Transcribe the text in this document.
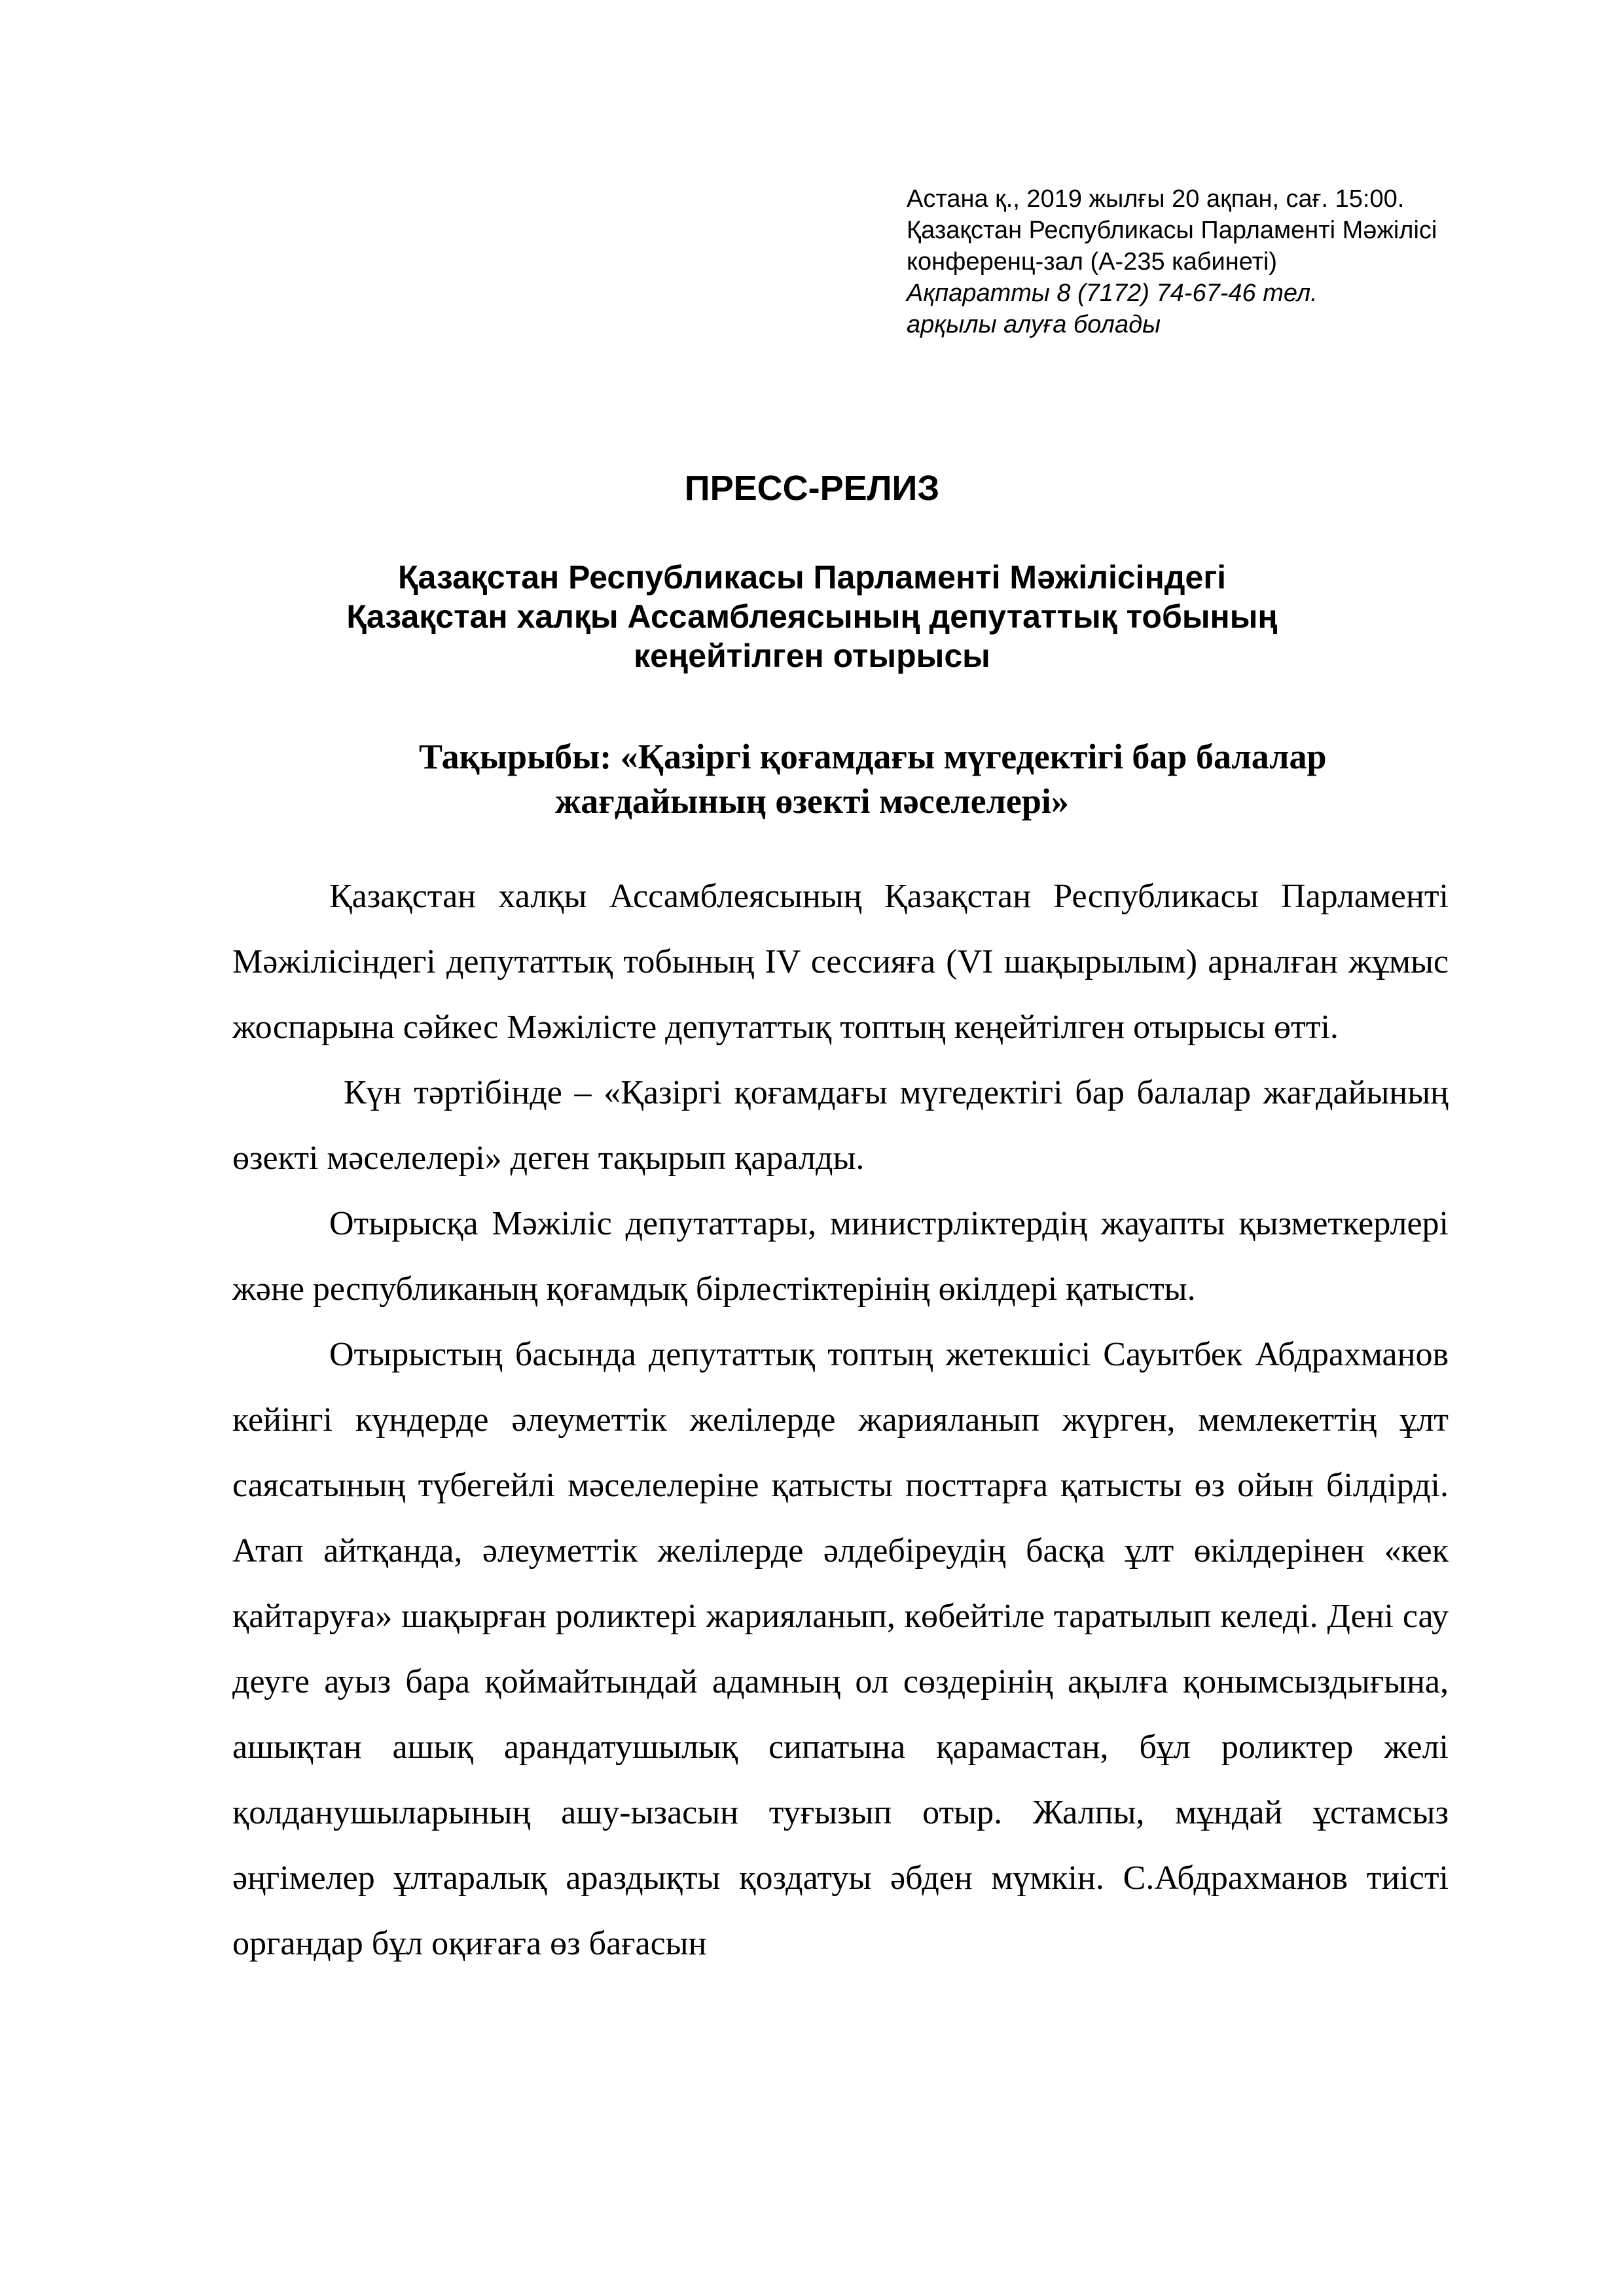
Астана қ., 2019 жылғы 20 ақпан, сағ. 15:00.
Қазақстан Республикасы Парламенті Мәжілісі
конференц-зал (А-235 кабинеті)
Ақпаратты 8 (7172) 74-67-46 тел.
арқылы алуға болады
ПРЕСС-РЕЛИЗ
Қазақстан Республикасы Парламенті Мәжілісіндегі
Қазақстан халқы Ассамблеясының депутаттық тобының
кеңейтілген отырысы
Тақырыбы: «Қазіргі қоғамдағы мүгедектігі бар балалар
жағдайының өзекті мәселелері»

Қазақстан халқы Ассамблеясының Қазақстан Республикасы Парламенті Мәжілісіндегі депутаттық тобының IV сессияға (VI шақырылым) арналған жұмыс жоспарына сәйкес Мәжілісте депутаттық топтың кеңейтілген отырысы өтті.

Күн тәртібінде – «Қазіргі қоғамдағы мүгедектігі бар балалар жағдайының өзекті мәселелері» деген тақырып қаралды.

Отырысқа Мәжіліс депутаттары, министрліктердің жауапты қызметкерлері және республиканың қоғамдық бірлестіктерінің өкілдері қатысты.

Отырыстың басында депутаттық топтың жетекшісі Сауытбек Абдрахманов кейінгі күндерде әлеуметтік желілерде жарияланып жүрген, мемлекеттің ұлт саясатының түбегейлі мәселелеріне қатысты посттарға қатысты өз ойын білдірді. Атап айтқанда, әлеуметтік желілерде әлдебіреудің басқа ұлт өкілдерінен «кек қайтаруға» шақырған роликтері жарияланып, көбейтіле таратылып келеді. Дені сау деуге ауыз бара қоймайтындай адамның ол сөздерінің ақылға қонымсыздығына, ашықтан ашық арандатушылық сипатына қарамастан, бұл роликтер желі қолданушыларының ашу-ызасын туғызып отыр. Жалпы, мұндай ұстамсыз әңгімелер ұлтаралық араздықты қоздатуы әбден мүмкін. С.Абдрахманов тиісті органдар бұл оқиғаға өз бағасын
